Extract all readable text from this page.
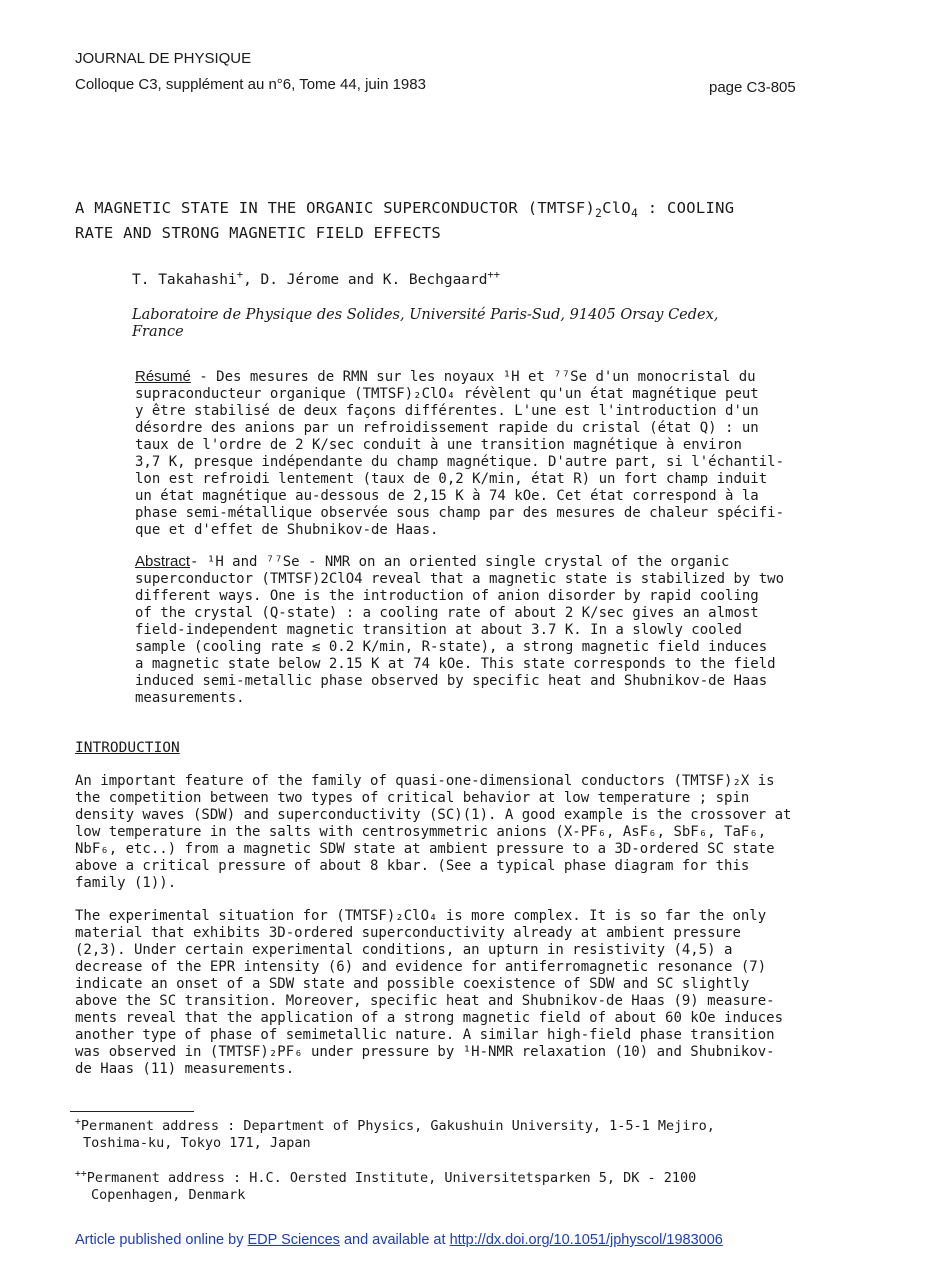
JOURNAL DE PHYSIQUE
Colloque C3, supplément au n°6, Tome 44, juin 1983	page C3-805
A MAGNETIC STATE IN THE ORGANIC SUPERCONDUCTOR $(TMTSF)_2ClO_4$ : COOLING
RATE AND STRONG MAGNETIC FIELD EFFECTS
T. Takahashi+, D. Jérome and K. Bechgaard++
Laboratoire de Physique des Solides, Université Paris-Sud, 91405 Orsay Cedex,
France
Résumé - Des mesures de RMN sur les noyaux ¹H et ⁷⁷Se d'un monocristal du
supraconducteur organique (TMTSF)₂ClO₄ révèlent qu'un état magnétique peut
y être stabilisé de deux façons différentes. L'une est l'introduction d'un
désordre des anions par un refroidissement rapide du cristal (état Q) : un
taux de l'ordre de 2 K/sec conduit à une transition magnétique à environ
3,7 K, presque indépendante du champ magnétique. D'autre part, si l'échantil-
lon est refroidi lentement (taux de 0,2 K/min, état R) un fort champ induit
un état magnétique au-dessous de 2,15 K à 74 kOe. Cet état correspond à la
phase semi-métallique observée sous champ par des mesures de chaleur spécifi-
que et d'effet de Shubnikov-de Haas.
Abstract- ¹H and ⁷⁷Se - NMR on an oriented single crystal of the organic
superconductor (TMTSF)2ClO4 reveal that a magnetic state is stabilized by two
different ways. One is the introduction of anion disorder by rapid cooling
of the crystal (Q-state) : a cooling rate of about 2 K/sec gives an almost
field-independent magnetic transition at about 3.7 K. In a slowly cooled
sample (cooling rate ≲ 0.2 K/min, R-state), a strong magnetic field induces
a magnetic state below 2.15 K at 74 kOe. This state corresponds to the field
induced semi-metallic phase observed by specific heat and Shubnikov-de Haas
measurements.
INTRODUCTION
An important feature of the family of quasi-one-dimensional conductors (TMTSF)₂X is
the competition between two types of critical behavior at low temperature ; spin
density waves (SDW) and superconductivity (SC)(1). A good example is the crossover at
low temperature in the salts with centrosymmetric anions (X-PF₆, AsF₆, SbF₆, TaF₆,
NbF₆, etc..) from a magnetic SDW state at ambient pressure to a 3D-ordered SC state
above a critical pressure of about 8 kbar. (See a typical phase diagram for this
family (1)).
The experimental situation for (TMTSF)₂ClO₄ is more complex. It is so far the only
material that exhibits 3D-ordered superconductivity already at ambient pressure
(2,3). Under certain experimental conditions, an upturn in resistivity (4,5) a
decrease of the EPR intensity (6) and evidence for antiferromagnetic resonance (7)
indicate an onset of a SDW state and possible coexistence of SDW and SC slightly
above the SC transition. Moreover, specific heat and Shubnikov-de Haas (9) measure-
ments reveal that the application of a strong magnetic field of about 60 kOe induces
another type of phase of semimetallic nature. A similar high-field phase transition
was observed in (TMTSF)₂PF₆ under pressure by ¹H-NMR relaxation (10) and Shubnikov-
de Haas (11) measurements.
+Permanent address : Department of Physics, Gakushuin University, 1-5-1 Mejiro,
Toshima-ku, Tokyo 171, Japan
++Permanent address : H.C. Oersted Institute, Universitetsparken 5, DK - 2100
Copenhagen, Denmark
Article published online by EDP Sciences and available at http://dx.doi.org/10.1051/jphyscol/1983006
